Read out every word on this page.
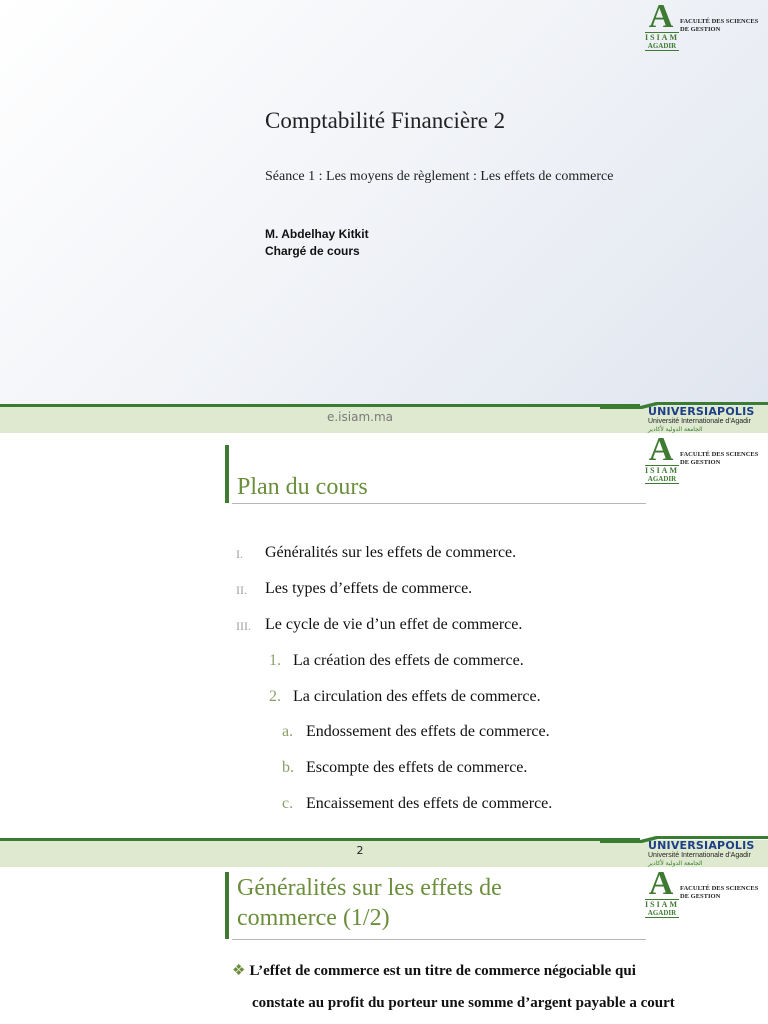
A
ISIAM
AGADIR
FACULTÉ DES SCIENCES
DE GESTION
Comptabilité Financière 2
Séance 1 : Les moyens de règlement : Les effets de commerce
M. Abdelhay Kitkit
Chargé de cours
e.isiam.ma	UNIVERSIAPOLIS
Université Internationale d'Agadir
الجامعة الدولية لأكادير
A
ISIAM
AGADIR
FACULTÉ DES SCIENCES
DE GESTION
Plan du cours
I. Généralités sur les effets de commerce.
II. Les types d’effets de commerce.
III. Le cycle de vie d’un effet de commerce.
1. La création des effets de commerce.
2. La circulation des effets de commerce.
a. Endossement des effets de commerce.
b. Escompte des effets de commerce.
c. Encaissement des effets de commerce.
2	UNIVERSIAPOLIS
Université Internationale d'Agadir
الجامعة الدولية لأكادير
A
ISIAM
AGADIR
FACULTÉ DES SCIENCES
DE GESTION
Généralités sur les effets de
commerce (1/2)
❖ L’effet de commerce est un titre de commerce négociable qui
constate au profit du porteur une somme d’argent payable a court
